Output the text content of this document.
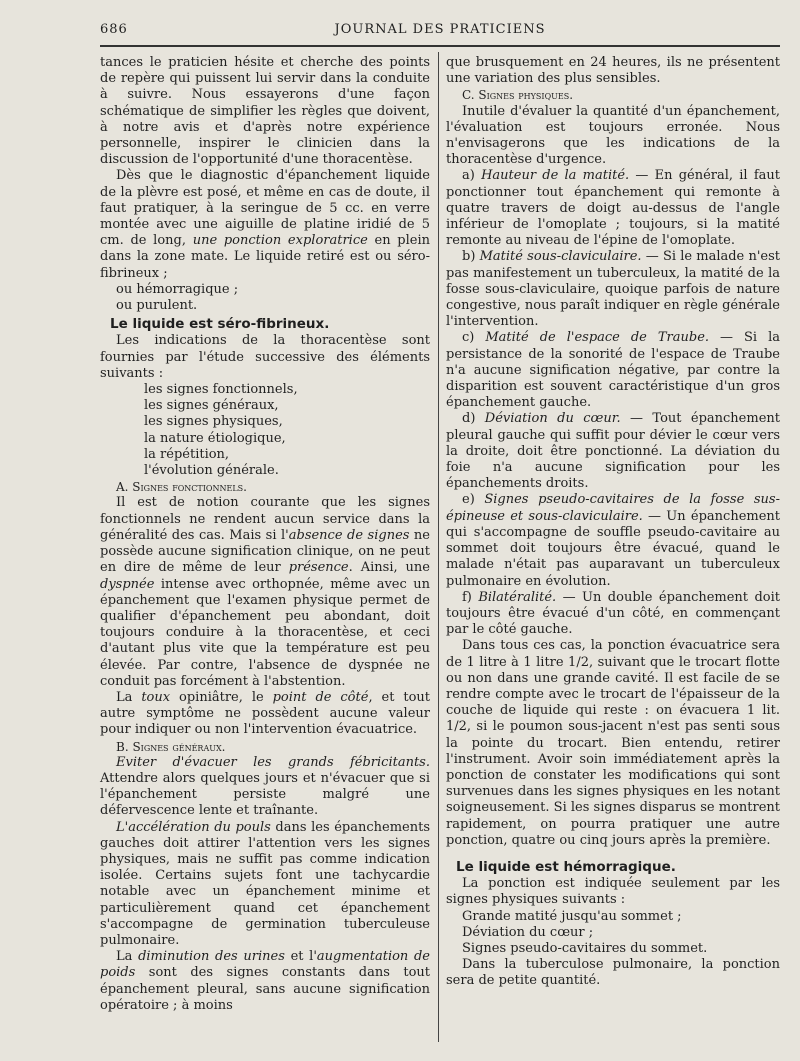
686	JOURNAL DES PRATICIENS

tances le praticien hésite et cherche des points de repère qui puissent lui servir dans la conduite à suivre. Nous essayerons d'une façon schématique de simplifier les règles que doivent, à notre avis et d'après notre expérience personnelle, inspirer le clinicien dans la discussion de l'opportunité d'une thoracentèse.

Dès que le diagnostic d'épanchement liquide de la plèvre est posé, et même en cas de doute, il faut pratiquer, à la seringue de 5 cc. en verre montée avec une aiguille de platine iridié de 5 cm. de long, une ponction exploratrice en plein dans la zone mate. Le liquide retiré est ou séro-fibrineux ;

ou hémorragique ;

ou purulent.

Le liquide est séro-fibrineux.

Les indications de la thoracentèse sont fournies par l'étude successive des éléments suivants :

les signes fonctionnels,
les signes généraux,
les signes physiques,
la nature étiologique,
la répétition,
l'évolution générale.

A. Signes fonctionnels.

Il est de notion courante que les signes fonctionnels ne rendent aucun service dans la généralité des cas. Mais si l'absence de signes ne possède aucune signification clinique, on ne peut en dire de même de leur présence. Ainsi, une dyspnée intense avec orthopnée, même avec un épanchement que l'examen physique permet de qualifier d'épanchement peu abondant, doit toujours conduire à la thoracentèse, et ceci d'autant plus vite que la température est peu élevée. Par contre, l'absence de dyspnée ne conduit pas forcément à l'abstention.

La toux opiniâtre, le point de côté, et tout autre symptôme ne possèdent aucune valeur pour indiquer ou non l'intervention évacuatrice.

B. Signes généraux.

Eviter d'évacuer les grands fébricitants. Attendre alors quelques jours et n'évacuer que si l'épanchement persiste malgré une défervescence lente et traînante.

L'accélération du pouls dans les épanchements gauches doit attirer l'attention vers les signes physiques, mais ne suffit pas comme indication isolée. Certains sujets font une tachycardie notable avec un épanchement minime et particulièrement quand cet épanchement s'accompagne de germination tuberculeuse pulmonaire.

La diminution des urines et l'augmentation de poids sont des signes constants dans tout épanchement pleural, sans aucune signification opératoire ; à moins

que brusquement en 24 heures, ils ne présentent une variation des plus sensibles.

C. Signes physiques.

Inutile d'évaluer la quantité d'un épanchement, l'évaluation est toujours erronée. Nous n'envisagerons que les indications de la thoracentèse d'urgence.

a) Hauteur de la matité. — En général, il faut ponctionner tout épanchement qui remonte à quatre travers de doigt au-dessus de l'angle inférieur de l'omoplate ; toujours, si la matité remonte au niveau de l'épine de l'omoplate.

b) Matité sous-claviculaire. — Si le malade n'est pas manifestement un tuberculeux, la matité de la fosse sous-claviculaire, quoique parfois de nature congestive, nous paraît indiquer en règle générale l'intervention.

c) Matité de l'espace de Traube. — Si la persistance de la sonorité de l'espace de Traube n'a aucune signification négative, par contre la disparition est souvent caractéristique d'un gros épanchement gauche.

d) Déviation du cœur. — Tout épanchement pleural gauche qui suffit pour dévier le cœur vers la droite, doit être ponctionné. La déviation du foie n'a aucune signification pour les épanchements droits.

e) Signes pseudo-cavitaires de la fosse sus-épineuse et sous-claviculaire. — Un épanchement qui s'accompagne de souffle pseudo-cavitaire au sommet doit toujours être évacué, quand le malade n'était pas auparavant un tuberculeux pulmonaire en évolution.

f) Bilatéralité. — Un double épanchement doit toujours être évacué d'un côté, en commençant par le côté gauche.

Dans tous ces cas, la ponction évacuatrice sera de 1 litre à 1 litre 1/2, suivant que le trocart flotte ou non dans une grande cavité. Il est facile de se rendre compte avec le trocart de l'épaisseur de la couche de liquide qui reste : on évacuera 1 lit. 1/2, si le poumon sous-jacent n'est pas senti sous la pointe du trocart. Bien entendu, retirer l'instrument. Avoir soin immédiatement après la ponction de constater les modifications qui sont survenues dans les signes physiques en les notant soigneusement. Si les signes disparus se montrent rapidement, on pourra pratiquer une autre ponction, quatre ou cinq jours après la première.

Le liquide est hémorragique.

La ponction est indiquée seulement par les signes physiques suivants :

Grande matité jusqu'au sommet ;
Déviation du cœur ;
Signes pseudo-cavitaires du sommet.

Dans la tuberculose pulmonaire, la ponction sera de petite quantité.
